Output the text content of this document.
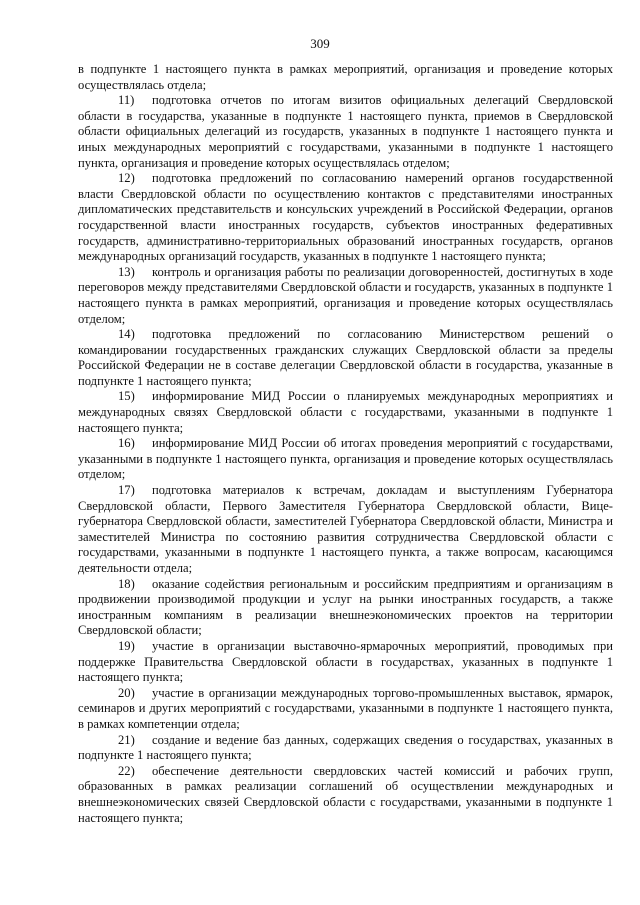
309

в подпункте 1 настоящего пункта в рамках мероприятий, организация и проведение которых осуществлялась отдела;

11) подготовка отчетов по итогам визитов официальных делегаций Свердловской области в государства, указанные в подпункте 1 настоящего пункта, приемов в Свердловской области официальных делегаций из государств, указанных в подпункте 1 настоящего пункта и иных международных мероприятий с государствами, указанными в подпункте 1 настоящего пункта, организация и проведение которых осуществлялась отделом;

12) подготовка предложений по согласованию намерений органов государственной власти Свердловской области по осуществлению контактов с представителями иностранных дипломатических представительств и консульских учреждений в Российской Федерации, органов государственной власти иностранных государств, субъектов иностранных федеративных государств, административно-территориальных образований иностранных государств, органов международных организаций государств, указанных в подпункте 1 настоящего пункта;

13) контроль и организация работы по реализации договоренностей, достигнутых в ходе переговоров между представителями Свердловской области и государств, указанных в подпункте 1 настоящего пункта в рамках мероприятий, организация и проведение которых осуществлялась отделом;

14) подготовка предложений по согласованию Министерством решений о командировании государственных гражданских служащих Свердловской области за пределы Российской Федерации не в составе делегации Свердловской области в государства, указанные в подпункте 1 настоящего пункта;

15) информирование МИД России о планируемых международных мероприятиях и международных связях Свердловской области с государствами, указанными в подпункте 1 настоящего пункта;

16) информирование МИД России об итогах проведения мероприятий с государствами, указанными в подпункте 1 настоящего пункта, организация и проведение которых осуществлялась отделом;

17) подготовка материалов к встречам, докладам и выступлениям Губернатора Свердловской области, Первого Заместителя Губернатора Свердловской области, Вице-губернатора Свердловской области, заместителей Губернатора Свердловской области, Министра и заместителей Министра по состоянию развития сотрудничества Свердловской области с государствами, указанными в подпункте 1 настоящего пункта, а также вопросам, касающимся деятельности отдела;

18) оказание содействия региональным и российским предприятиям и организациям в продвижении производимой продукции и услуг на рынки иностранных государств, а также иностранным компаниям в реализации внешнеэкономических проектов на территории Свердловской области;

19) участие в организации выставочно-ярмарочных мероприятий, проводимых при поддержке Правительства Свердловской области в государствах, указанных в подпункте 1 настоящего пункта;

20) участие в организации международных торгово-промышленных выставок, ярмарок, семинаров и других мероприятий с государствами, указанными в подпункте 1 настоящего пункта, в рамках компетенции отдела;

21) создание и ведение баз данных, содержащих сведения о государствах, указанных в подпункте 1 настоящего пункта;

22) обеспечение деятельности свердловских частей комиссий и рабочих групп, образованных в рамках реализации соглашений об осуществлении международных и внешнеэкономических связей Свердловской области с государствами, указанными в подпункте 1 настоящего пункта;
